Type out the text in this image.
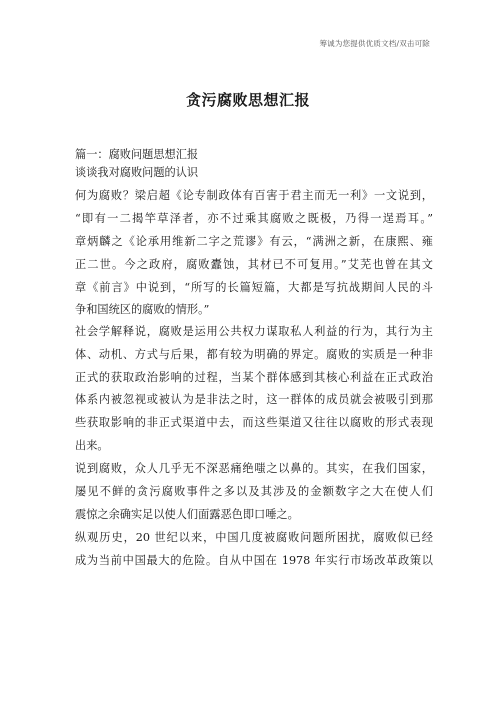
筹诚为您提供优质文档/双击可除
贪污腐败思想汇报
篇一：腐败问题思想汇报
谈谈我对腐败问题的认识
何为腐败？梁启超《论专制政体有百害于君主而无一利》一文说到，
“即有一二揭竿草泽者，亦不过乘其腐败之既极，乃得一逞焉耳。”
章炳麟之《论承用维新二字之荒谬》有云，“满洲之新，在康熙、雍
正二世。今之政府，腐败蠹蚀，其材已不可复用。”艾芜也曾在其文
章《前言》中说到，“所写的长篇短篇，大都是写抗战期间人民的斗
争和国统区的腐败的情形。”
社会学解释说，腐败是运用公共权力谋取私人利益的行为，其行为主
体、动机、方式与后果，都有较为明确的界定。腐败的实质是一种非
正式的获取政治影响的过程，当某个群体感到其核心利益在正式政治
体系内被忽视或被认为是非法之时，这一群体的成员就会被吸引到那
些获取影响的非正式渠道中去，而这些渠道又往往以腐败的形式表现
出来。
说到腐败，众人几乎无不深恶痛绝嗤之以鼻的。其实，在我们国家，
屡见不鲜的贪污腐败事件之多以及其涉及的金额数字之大在使人们
震惊之余确实足以使人们面露恶色即口唾之。
纵观历史，20 世纪以来，中国几度被腐败问题所困扰，腐败似已经
成为当前中国最大的危险。自从中国在 1978 年实行市场改革政策以
